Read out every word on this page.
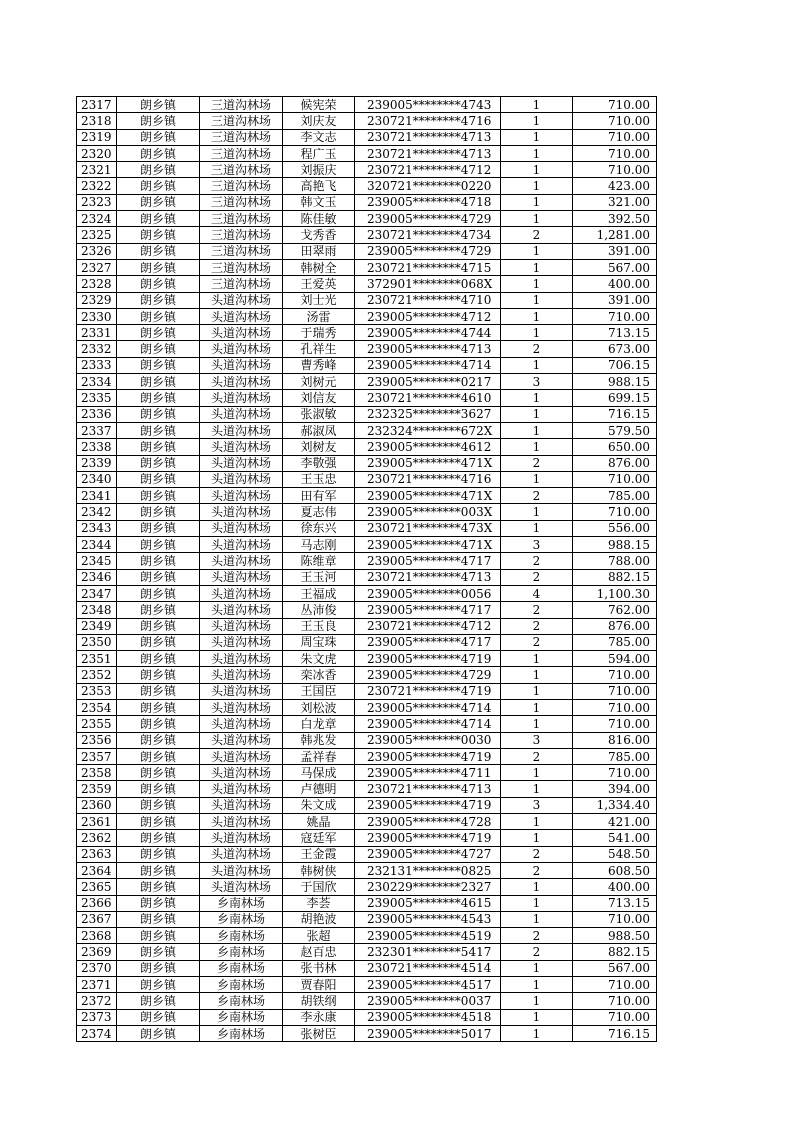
2317	朗乡镇	三道沟林场	候宪荣	239005********4743	1	710.00
2318	朗乡镇	三道沟林场	刘庆友	230721********4716	1	710.00
2319	朗乡镇	三道沟林场	李文志	230721********4713	1	710.00
2320	朗乡镇	三道沟林场	程广玉	230721********4713	1	710.00
2321	朗乡镇	三道沟林场	刘振庆	230721********4712	1	710.00
2322	朗乡镇	三道沟林场	高艳飞	320721********0220	1	423.00
2323	朗乡镇	三道沟林场	韩文玉	239005********4718	1	321.00
2324	朗乡镇	三道沟林场	陈佳敏	239005********4729	1	392.50
2325	朗乡镇	三道沟林场	戈秀香	230721********4734	2	1,281.00
2326	朗乡镇	三道沟林场	田翠雨	239005********4729	1	391.00
2327	朗乡镇	三道沟林场	韩树全	230721********4715	1	567.00
2328	朗乡镇	三道沟林场	王爱英	372901********068X	1	400.00
2329	朗乡镇	头道沟林场	刘士光	230721********4710	1	391.00
2330	朗乡镇	头道沟林场	汤雷	239005********4712	1	710.00
2331	朗乡镇	头道沟林场	于瑞秀	239005********4744	1	713.15
2332	朗乡镇	头道沟林场	孔祥生	239005********4713	2	673.00
2333	朗乡镇	头道沟林场	曹秀峰	239005********4714	1	706.15
2334	朗乡镇	头道沟林场	刘树元	239005********0217	3	988.15
2335	朗乡镇	头道沟林场	刘信友	230721********4610	1	699.15
2336	朗乡镇	头道沟林场	张淑敏	232325********3627	1	716.15
2337	朗乡镇	头道沟林场	郝淑凤	232324********672X	1	579.50
2338	朗乡镇	头道沟林场	刘树友	239005********4612	1	650.00
2339	朗乡镇	头道沟林场	李敬强	239005********471X	2	876.00
2340	朗乡镇	头道沟林场	王玉忠	230721********4716	1	710.00
2341	朗乡镇	头道沟林场	田有军	239005********471X	2	785.00
2342	朗乡镇	头道沟林场	夏志伟	239005********003X	1	710.00
2343	朗乡镇	头道沟林场	徐东兴	230721********473X	1	556.00
2344	朗乡镇	头道沟林场	马志刚	239005********471X	3	988.15
2345	朗乡镇	头道沟林场	陈维章	239005********4717	2	788.00
2346	朗乡镇	头道沟林场	王玉河	230721********4713	2	882.15
2347	朗乡镇	头道沟林场	王福成	239005********0056	4	1,100.30
2348	朗乡镇	头道沟林场	丛沛俊	239005********4717	2	762.00
2349	朗乡镇	头道沟林场	王玉良	230721********4712	2	876.00
2350	朗乡镇	头道沟林场	周宝珠	239005********4717	2	785.00
2351	朗乡镇	头道沟林场	朱文虎	239005********4719	1	594.00
2352	朗乡镇	头道沟林场	栾冰香	239005********4729	1	710.00
2353	朗乡镇	头道沟林场	王国臣	230721********4719	1	710.00
2354	朗乡镇	头道沟林场	刘松波	239005********4714	1	710.00
2355	朗乡镇	头道沟林场	白龙章	239005********4714	1	710.00
2356	朗乡镇	头道沟林场	韩兆发	239005********0030	3	816.00
2357	朗乡镇	头道沟林场	孟祥春	239005********4719	2	785.00
2358	朗乡镇	头道沟林场	马保成	239005********4711	1	710.00
2359	朗乡镇	头道沟林场	卢德明	230721********4713	1	394.00
2360	朗乡镇	头道沟林场	朱文成	239005********4719	3	1,334.40
2361	朗乡镇	头道沟林场	姚晶	239005********4728	1	421.00
2362	朗乡镇	头道沟林场	寇廷军	239005********4719	1	541.00
2363	朗乡镇	头道沟林场	王金霞	239005********4727	2	548.50
2364	朗乡镇	头道沟林场	韩树侠	232131********0825	2	608.50
2365	朗乡镇	头道沟林场	于国欣	230229********2327	1	400.00
2366	朗乡镇	乡南林场	李荟	239005********4615	1	713.15
2367	朗乡镇	乡南林场	胡艳波	239005********4543	1	710.00
2368	朗乡镇	乡南林场	张超	239005********4519	2	988.50
2369	朗乡镇	乡南林场	赵百忠	232301********5417	2	882.15
2370	朗乡镇	乡南林场	张书林	230721********4514	1	567.00
2371	朗乡镇	乡南林场	贾春阳	239005********4517	1	710.00
2372	朗乡镇	乡南林场	胡铁纲	239005********0037	1	710.00
2373	朗乡镇	乡南林场	李永康	239005********4518	1	710.00
2374	朗乡镇	乡南林场	张树臣	239005********5017	1	716.15
